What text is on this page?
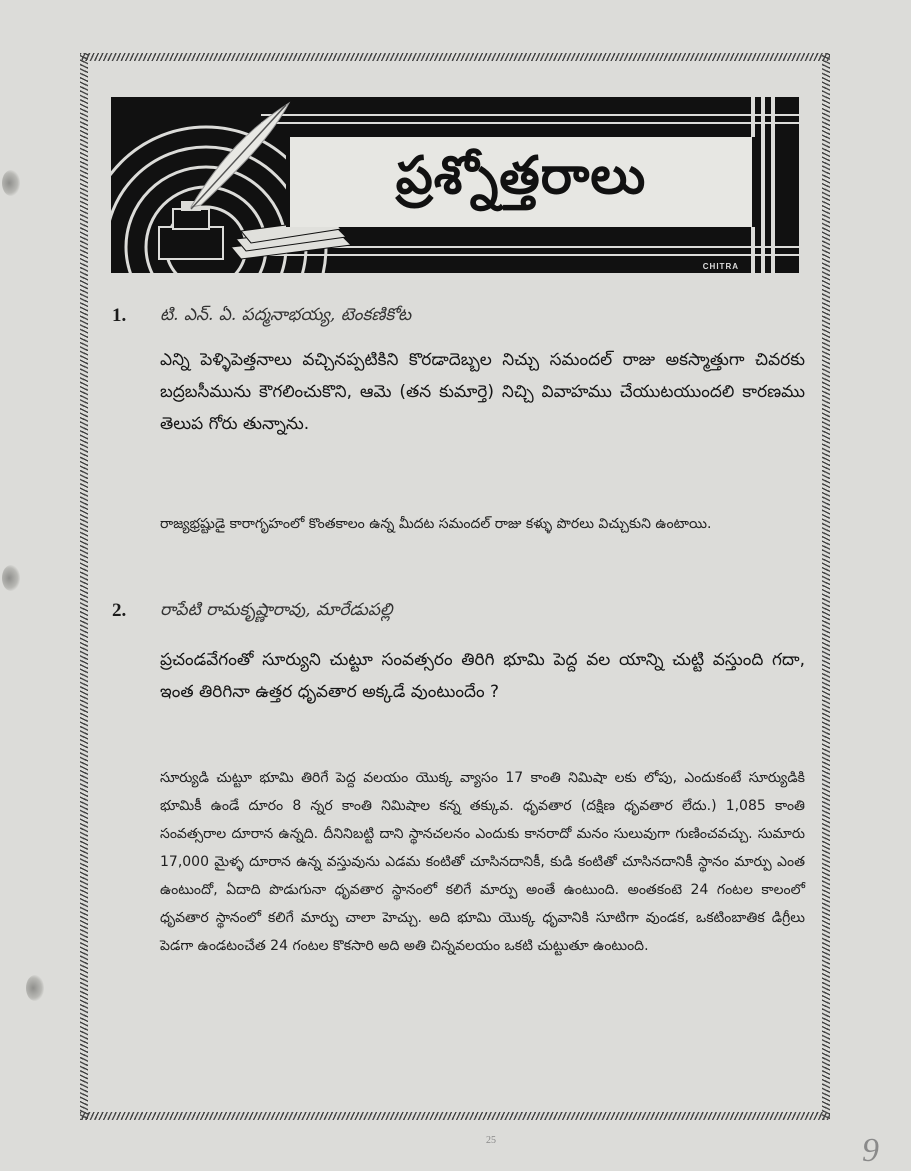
ప్రశ్నోత్తరాలు
CHITRA
1. టి. ఎన్. ఏ. పద్మనాభయ్య, టెంకణికోట
ఎన్ని పెళ్ళిపెత్తనాలు వచ్చినప్పటికిని కొరడాదెబ్బల నిచ్చు సమందల్ రాజు అకస్మాత్తుగా చివరకు బద్రబసీమును కౌగలించుకొని, ఆమె (తన కుమార్తె) నిచ్చి వివాహము చేయుటయుందలి కారణము తెలుప గోరు తున్నాను.
రాజ్యభ్రష్టుడై కారాగృహంలో కొంతకాలం ఉన్న మీదట సమందల్ రాజు కళ్ళు పొరలు విచ్చుకుని ఉంటాయి.
2. రాపేటి రామకృష్ణారావు, మారేడుపల్లి
ప్రచండవేగంతో సూర్యుని చుట్టూ సంవత్సరం తిరిగి భూమి పెద్ద వల యాన్ని చుట్టి వస్తుంది గదా, ఇంత తిరిగినా ఉత్తర ధృవతార అక్కడే వుంటుందేం ?
సూర్యుడి చుట్టూ భూమి తిరిగే పెద్ద వలయం యొక్క వ్యాసం 17 కాంతి నిమిషా లకు లోపు, ఎందుకంటే సూర్యుడికి భూమికీ ఉండే దూరం 8 న్నర కాంతి నిమిషాల కన్న తక్కువ. ధృవతార (దక్షిణ ధృవతార లేదు.) 1,085 కాంతి సంవత్సరాల దూరాన ఉన్నది. దీనినిబట్టి దాని స్థానచలనం ఎందుకు కానరాదో మనం సులువుగా గుణించవచ్చు. సుమారు 17,000 మైళ్ళ దూరాన ఉన్న వస్తువును ఎడమ కంటితో చూసినదానికీ, కుడి కంటితో చూసినదానికీ స్థానం మార్పు ఎంత ఉంటుందో, ఏదాది పొడుగునా ధృవతార స్థానంలో కలిగే మార్పు అంతే ఉంటుంది. అంతకంటె 24 గంటల కాలంలో ధృవతార స్థానంలో కలిగే మార్పు చాలా హెచ్చు. అది భూమి యొక్క ధృవానికి సూటిగా వుండక, ఒకటింబాతిక డిగ్రీలు పెడగా ఉండటంచేత 24 గంటల కొకసారి అది అతి చిన్నవలయం ఒకటి చుట్టుతూ ఉంటుంది.
25	9
